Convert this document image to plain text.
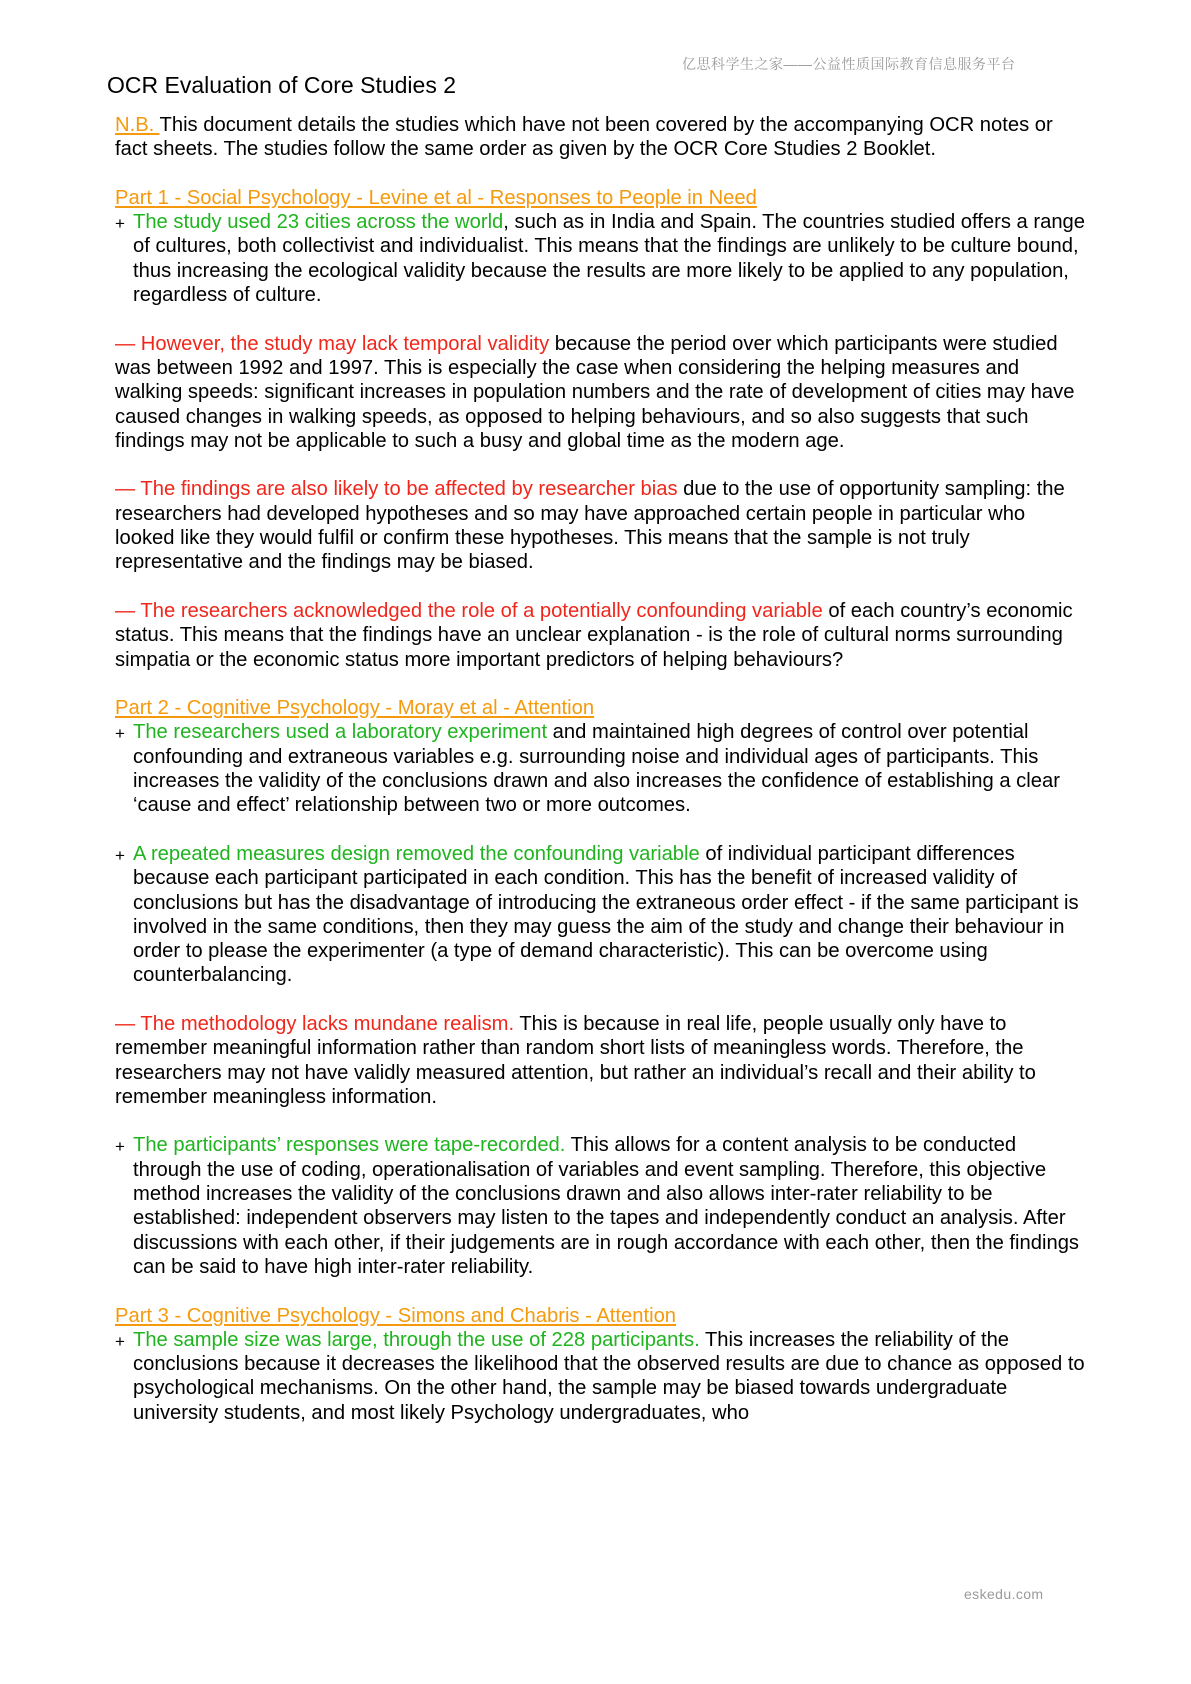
亿思科学生之家——公益性质国际教育信息服务平台
OCR Evaluation of Core Studies 2

N.B. This document details the studies which have not been covered by the accompanying OCR notes or fact sheets. The studies follow the same order as given by the OCR Core Studies 2 Booklet.

Part 1 - Social Psychology - Levine et al - Responses to People in Need
+ The study used 23 cities across the world, such as in India and Spain. The countries studied offers a range of cultures, both collectivist and individualist. This means that the findings are unlikely to be culture bound, thus increasing the ecological validity because the results are more likely to be applied to any population, regardless of culture.

— However, the study may lack temporal validity because the period over which participants were studied was between 1992 and 1997. This is especially the case when considering the helping measures and walking speeds: significant increases in population numbers and the rate of development of cities may have caused changes in walking speeds, as opposed to helping behaviours, and so also suggests that such findings may not be applicable to such a busy and global time as the modern age.

— The findings are also likely to be affected by researcher bias due to the use of opportunity sampling: the researchers had developed hypotheses and so may have approached certain people in particular who looked like they would fulfil or confirm these hypotheses. This means that the sample is not truly representative and the findings may be biased.

— The researchers acknowledged the role of a potentially confounding variable of each country’s economic status. This means that the findings have an unclear explanation - is the role of cultural norms surrounding simpatia or the economic status more important predictors of helping behaviours?

Part 2 - Cognitive Psychology - Moray et al - Attention
+ The researchers used a laboratory experiment and maintained high degrees of control over potential confounding and extraneous variables e.g. surrounding noise and individual ages of participants. This increases the validity of the conclusions drawn and also increases the confidence of establishing a clear ‘cause and effect’ relationship between two or more outcomes.
+ A repeated measures design removed the confounding variable of individual participant differences because each participant participated in each condition. This has the benefit of increased validity of conclusions but has the disadvantage of introducing the extraneous order effect - if the same participant is involved in the same conditions, then they may guess the aim of the study and change their behaviour in order to please the experimenter (a type of demand characteristic). This can be overcome using counterbalancing.

— The methodology lacks mundane realism. This is because in real life, people usually only have to remember meaningful information rather than random short lists of meaningless words. Therefore, the researchers may not have validly measured attention, but rather an individual’s recall and their ability to remember meaningless information.

+ The participants’ responses were tape-recorded. This allows for a content analysis to be conducted through the use of coding, operationalisation of variables and event sampling. Therefore, this objective method increases the validity of the conclusions drawn and also allows inter-rater reliability to be established: independent observers may listen to the tapes and independently conduct an analysis. After discussions with each other, if their judgements are in rough accordance with each other, then the findings can be said to have high inter-rater reliability.
Part 3 - Cognitive Psychology - Simons and Chabris - Attention
+ The sample size was large, through the use of 228 participants. This increases the reliability of the conclusions because it decreases the likelihood that the observed results are due to chance as opposed to psychological mechanisms. On the other hand, the sample may be biased towards undergraduate university students, and most likely Psychology undergraduates, who
eskedu.com
